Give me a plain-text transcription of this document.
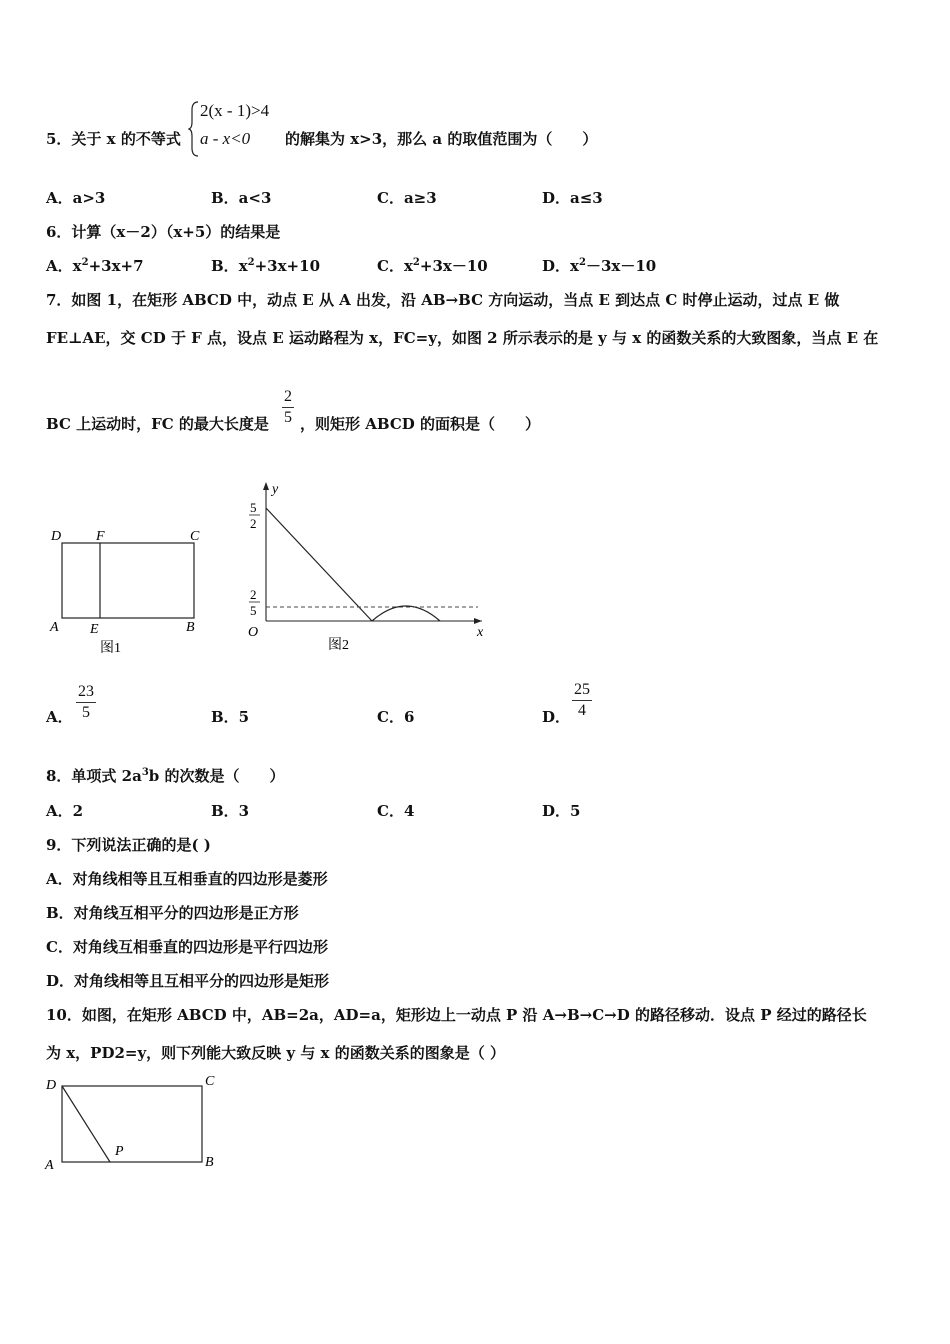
5．关于 x 的不等式
2(x - 1)>4
a - x<0 的解集为 x>3，那么 a 的取值范围为（　　）
A．a>3	B．a<3	C．a≥3	D．a≤3
6．计算（x－2）（x+5）的结果是
A．$x^2+3x+7$	B．$x^2+3x+10$	C．$x^2+3x-10$	D．$x^2-3x-10$
7．如图 1，在矩形 ABCD 中，动点 E 从 A 出发，沿 AB→BC 方向运动，当点 E 到达点 C 时停止运动，过点 E 做
FE⊥AE，交 CD 于 F 点，设点 E 运动路程为 x，FC=y，如图 2 所示表示的是 y 与 x 的函数关系的大致图象，当点 E 在
BC 上运动时，FC 的最大长度是
2
5 ，则矩形 ABCD 的面积是（　　）
D F	C
A E	B
图1
y
x
O
5
2
2
5
图2
A．
23
5	B．5	C．6	D．
25
4
8．单项式 $2a^3b$ 的次数是（　　）
A．2	B．3	C．4	D．5
9．下列说法正确的是( )
A．对角线相等且互相垂直的四边形是菱形
B．对角线互相平分的四边形是正方形
C．对角线互相垂直的四边形是平行四边形
D．对角线相等且互相平分的四边形是矩形
10．如图，在矩形 ABCD 中，AB=2a，AD=a，矩形边上一动点 P 沿 A→B→C→D 的路径移动．设点 P 经过的路径长
为 x，PD2=y，则下列能大致反映 y 与 x 的函数关系的图象是（ ）
D	C
A	B
P
